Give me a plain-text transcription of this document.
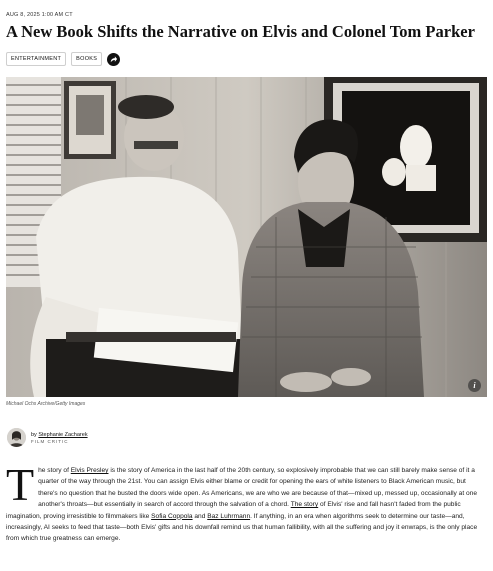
AUG 8, 2025 1:00 AM CT
A New Book Shifts the Narrative on Elvis and Colonel Tom Parker
ENTERTAINMENT	BOOKS
i
Michael Ochs Archive/Getty Images
by Stephanie Zacharek
FILM CRITIC
T he story of Elvis Presley is the story of America in the last half of the 20th century, so explosively improbable that we can still barely make sense of it a quarter of the way through the 21st. You can assign Elvis either blame or credit for opening the ears of white listeners to Black American music, but there's no question that he busted the doors wide open. As Americans, we are who we are because of that—mixed up, messed up, occasionally at one another's throats—but essentially in search of accord through the salvation of a chord. The story of Elvis' rise and fall hasn't faded from the public imagination, proving irresistible to filmmakers like Sofia Coppola and Baz Luhrmann. If anything, in an era when algorithms seek to determine our taste—and, increasingly, AI seeks to feed that taste—both Elvis' gifts and his downfall remind us that human fallibility, with all the suffering and joy it enwraps, is the only place from which true greatness can emerge.
